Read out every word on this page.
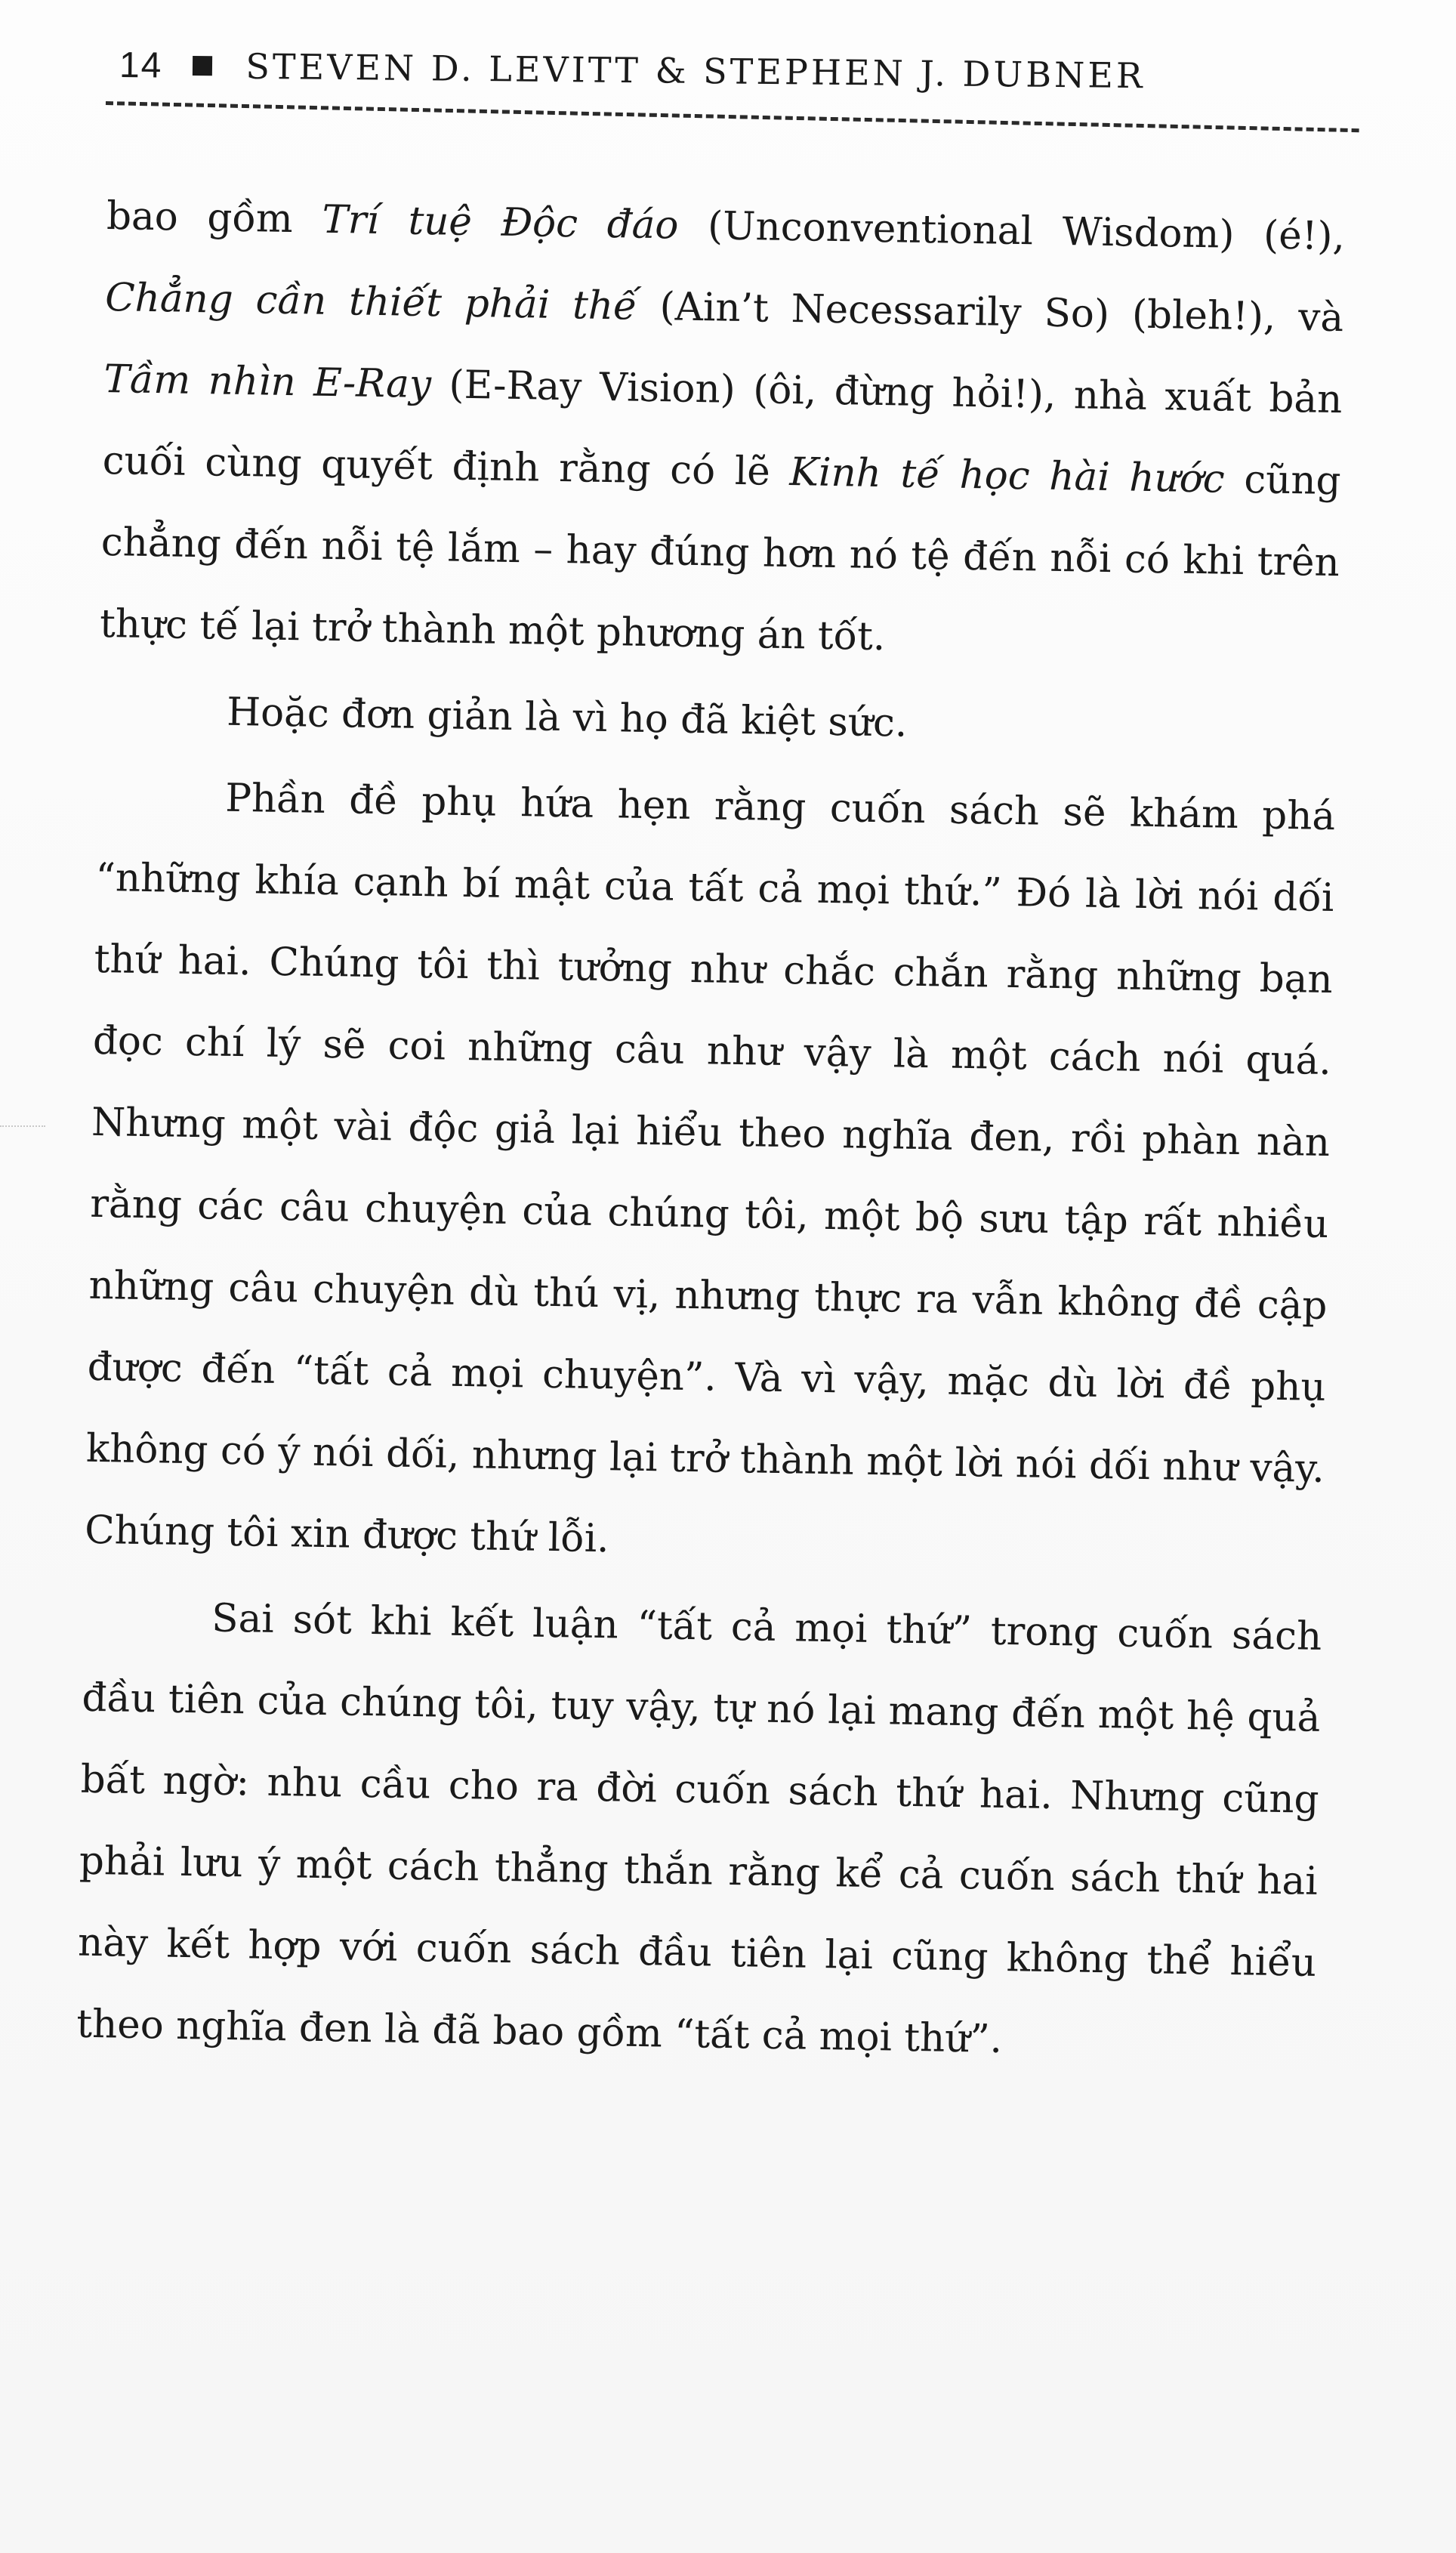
14 STEVEN D. LEVITT & STEPHEN J. DUBNER

bao gồm Trí tuệ Độc đáo (Unconventional Wisdom) (é!), Chẳng cần thiết phải thế (Ain’t Necessarily So) (bleh!), và Tầm nhìn E-Ray (E-Ray Vision) (ôi, đừng hỏi!), nhà xuất bản cuối cùng quyết định rằng có lẽ Kinh tế học hài hước cũng chẳng đến nỗi tệ lắm – hay đúng hơn nó tệ đến nỗi có khi trên thực tế lại trở thành một phương án tốt.

Hoặc đơn giản là vì họ đã kiệt sức.

Phần đề phụ hứa hẹn rằng cuốn sách sẽ khám phá “những khía cạnh bí mật của tất cả mọi thứ.” Đó là lời nói dối thứ hai. Chúng tôi thì tưởng như chắc chắn rằng những bạn đọc chí lý sẽ coi những câu như vậy là một cách nói quá. Nhưng một vài độc giả lại hiểu theo nghĩa đen, rồi phàn nàn rằng các câu chuyện của chúng tôi, một bộ sưu tập rất nhiều những câu chuyện dù thú vị, nhưng thực ra vẫn không đề cập được đến “tất cả mọi chuyện”. Và vì vậy, mặc dù lời đề phụ không có ý nói dối, nhưng lại trở thành một lời nói dối như vậy. Chúng tôi xin được thứ lỗi.

Sai sót khi kết luận “tất cả mọi thứ” trong cuốn sách đầu tiên của chúng tôi, tuy vậy, tự nó lại mang đến một hệ quả bất ngờ: nhu cầu cho ra đời cuốn sách thứ hai. Nhưng cũng phải lưu ý một cách thẳng thắn rằng kể cả cuốn sách thứ hai này kết hợp với cuốn sách đầu tiên lại cũng không thể hiểu theo nghĩa đen là đã bao gồm “tất cả mọi thứ”.
